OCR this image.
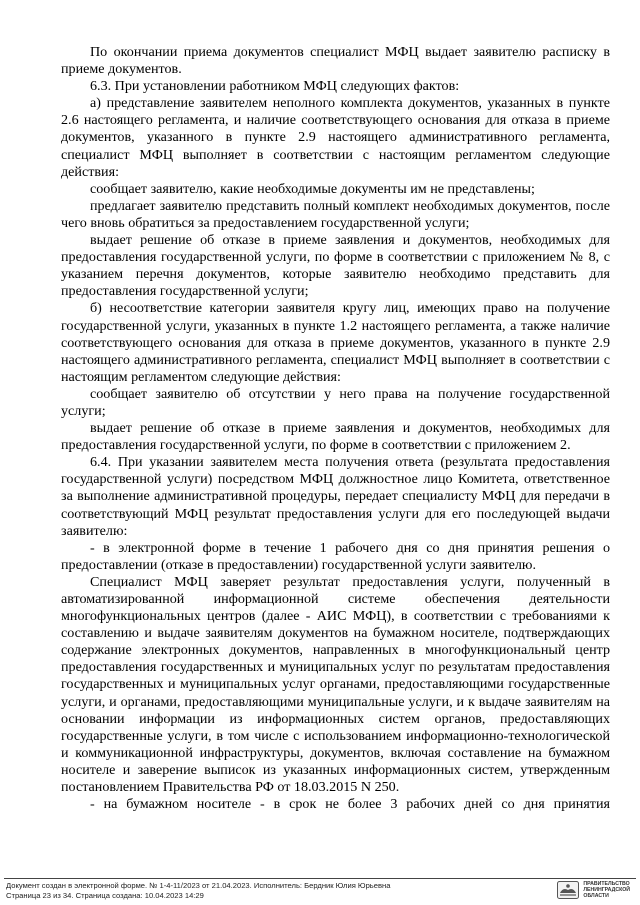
По окончании приема документов специалист МФЦ выдает заявителю расписку в приеме документов.

6.3. При установлении работником МФЦ следующих фактов:

а) представление заявителем неполного комплекта документов, указанных в пункте 2.6 настоящего регламента, и наличие соответствующего основания для отказа в приеме документов, указанного в пункте 2.9 настоящего административного регламента, специалист МФЦ выполняет в соответствии с настоящим регламентом следующие действия:

сообщает заявителю, какие необходимые документы им не представлены;

предлагает заявителю представить полный комплект необходимых документов, после чего вновь обратиться за предоставлением государственной услуги;

выдает решение об отказе в приеме заявления и документов, необходимых для предоставления государственной услуги, по форме в соответствии с приложением № 8, с указанием перечня документов, которые заявителю необходимо представить для предоставления государственной услуги;

б) несоответствие категории заявителя кругу лиц, имеющих право на получение государственной услуги, указанных в пункте 1.2 настоящего регламента, а также наличие соответствующего основания для отказа в приеме документов, указанного в пункте 2.9 настоящего административного регламента, специалист МФЦ выполняет в соответствии с настоящим регламентом следующие действия:

сообщает заявителю об отсутствии у него права на получение государственной услуги;

выдает решение об отказе в приеме заявления и документов, необходимых для предоставления государственной услуги, по форме в соответствии с приложением 2.

6.4. При указании заявителем места получения ответа (результата предоставления государственной услуги) посредством МФЦ должностное лицо Комитета, ответственное за выполнение административной процедуры, передает специалисту МФЦ для передачи в соответствующий МФЦ результат предоставления услуги для его последующей выдачи заявителю:

- в электронной форме в течение 1 рабочего дня со дня принятия решения о предоставлении (отказе в предоставлении) государственной услуги заявителю.

Специалист МФЦ заверяет результат предоставления услуги, полученный в автоматизированной информационной системе обеспечения деятельности многофункциональных центров (далее - АИС МФЦ), в соответствии с требованиями к составлению и выдаче заявителям документов на бумажном носителе, подтверждающих содержание электронных документов, направленных в многофункциональный центр предоставления государственных и муниципальных услуг по результатам предоставления государственных и муниципальных услуг органами, предоставляющими государственные услуги, и органами, предоставляющими муниципальные услуги, и к выдаче заявителям на основании информации из информационных систем органов, предоставляющих государственные услуги, в том числе с использованием информационно-технологической и коммуникационной инфраструктуры, документов, включая составление на бумажном носителе и заверение выписок из указанных информационных систем, утвержденным постановлением Правительства РФ от 18.03.2015 N 250.

- на бумажном носителе - в срок не более 3 рабочих дней со дня принятия

Документ создан в электронной форме. № 1-4-11/2023 от 21.04.2023. Исполнитель: Бердник Юлия Юрьевна
Страница 23 из 34. Страница создана: 10.04.2023 14:29
ПРАВИТЕЛЬСТВО
ЛЕНИНГРАДСКОЙ
ОБЛАСТИ
